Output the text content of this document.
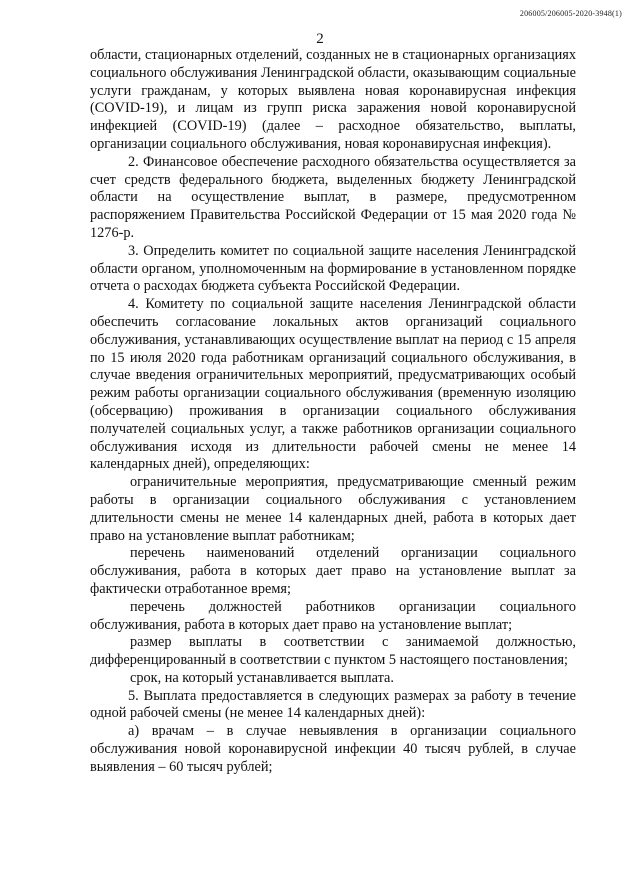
206005/206005-2020-3948(1)
2

области, стационарных отделений, созданных не в стационарных организациях социального обслуживания Ленинградской области, оказывающим социальные услуги гражданам, у которых выявлена новая коронавирусная инфекция (COVID-19), и лицам из групп риска заражения новой коронавирусной инфекцией (COVID-19) (далее – расходное обязательство, выплаты, организации социального обслуживания, новая коронавирусная инфекция).

2. Финансовое обеспечение расходного обязательства осуществляется за счет средств федерального бюджета, выделенных бюджету Ленинградской области на осуществление выплат, в размере, предусмотренном распоряжением Правительства Российской Федерации от 15 мая 2020 года № 1276-р.

3. Определить комитет по социальной защите населения Ленинградской области органом, уполномоченным на формирование в установленном порядке отчета о расходах бюджета субъекта Российской Федерации.

4. Комитету по социальной защите населения Ленинградской области обеспечить согласование локальных актов организаций социального обслуживания, устанавливающих осуществление выплат на период с 15 апреля по 15 июля 2020 года работникам организаций социального обслуживания, в случае введения ограничительных мероприятий, предусматривающих особый режим работы организации социального обслуживания (временную изоляцию (обсервацию) проживания в организации социального обслуживания получателей социальных услуг, а также работников организации социального обслуживания исходя из длительности рабочей смены не менее 14 календарных дней), определяющих:

ограничительные мероприятия, предусматривающие сменный режим работы в организации социального обслуживания с установлением длительности смены не менее 14 календарных дней, работа в которых дает право на установление выплат работникам;

перечень наименований отделений организации социального обслуживания, работа в которых дает право на установление выплат за фактически отработанное время;

перечень должностей работников организации социального обслуживания, работа в которых дает право на установление выплат;

размер выплаты в соответствии с занимаемой должностью, дифференцированный в соответствии с пунктом 5 настоящего постановления;

срок, на который устанавливается выплата.

5. Выплата предоставляется в следующих размерах за работу в течение одной рабочей смены (не менее 14 календарных дней):

а) врачам – в случае невыявления в организации социального обслуживания новой коронавирусной инфекции 40 тысяч рублей, в случае выявления – 60 тысяч рублей;
